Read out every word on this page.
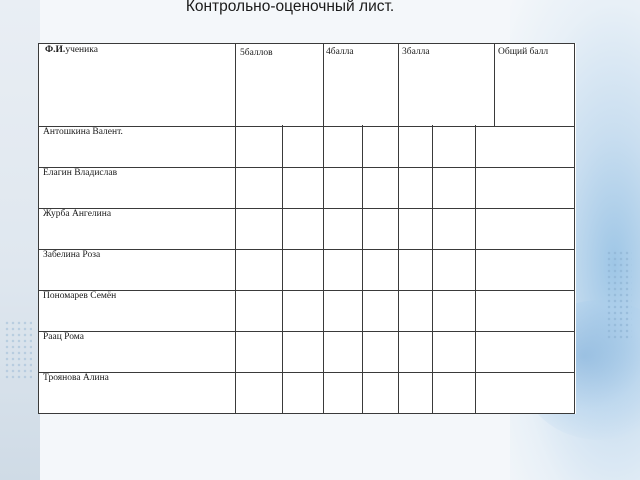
Контрольно-оценочный лист.
Ф.И.ученика	5баллов	4балла	3балла	Общий балл
Антошкина Валент.
Елагин Владислав
Журба Ангелина
Забелина Роза
Пономарев Семён
Раац Рома
Троянова Алина
